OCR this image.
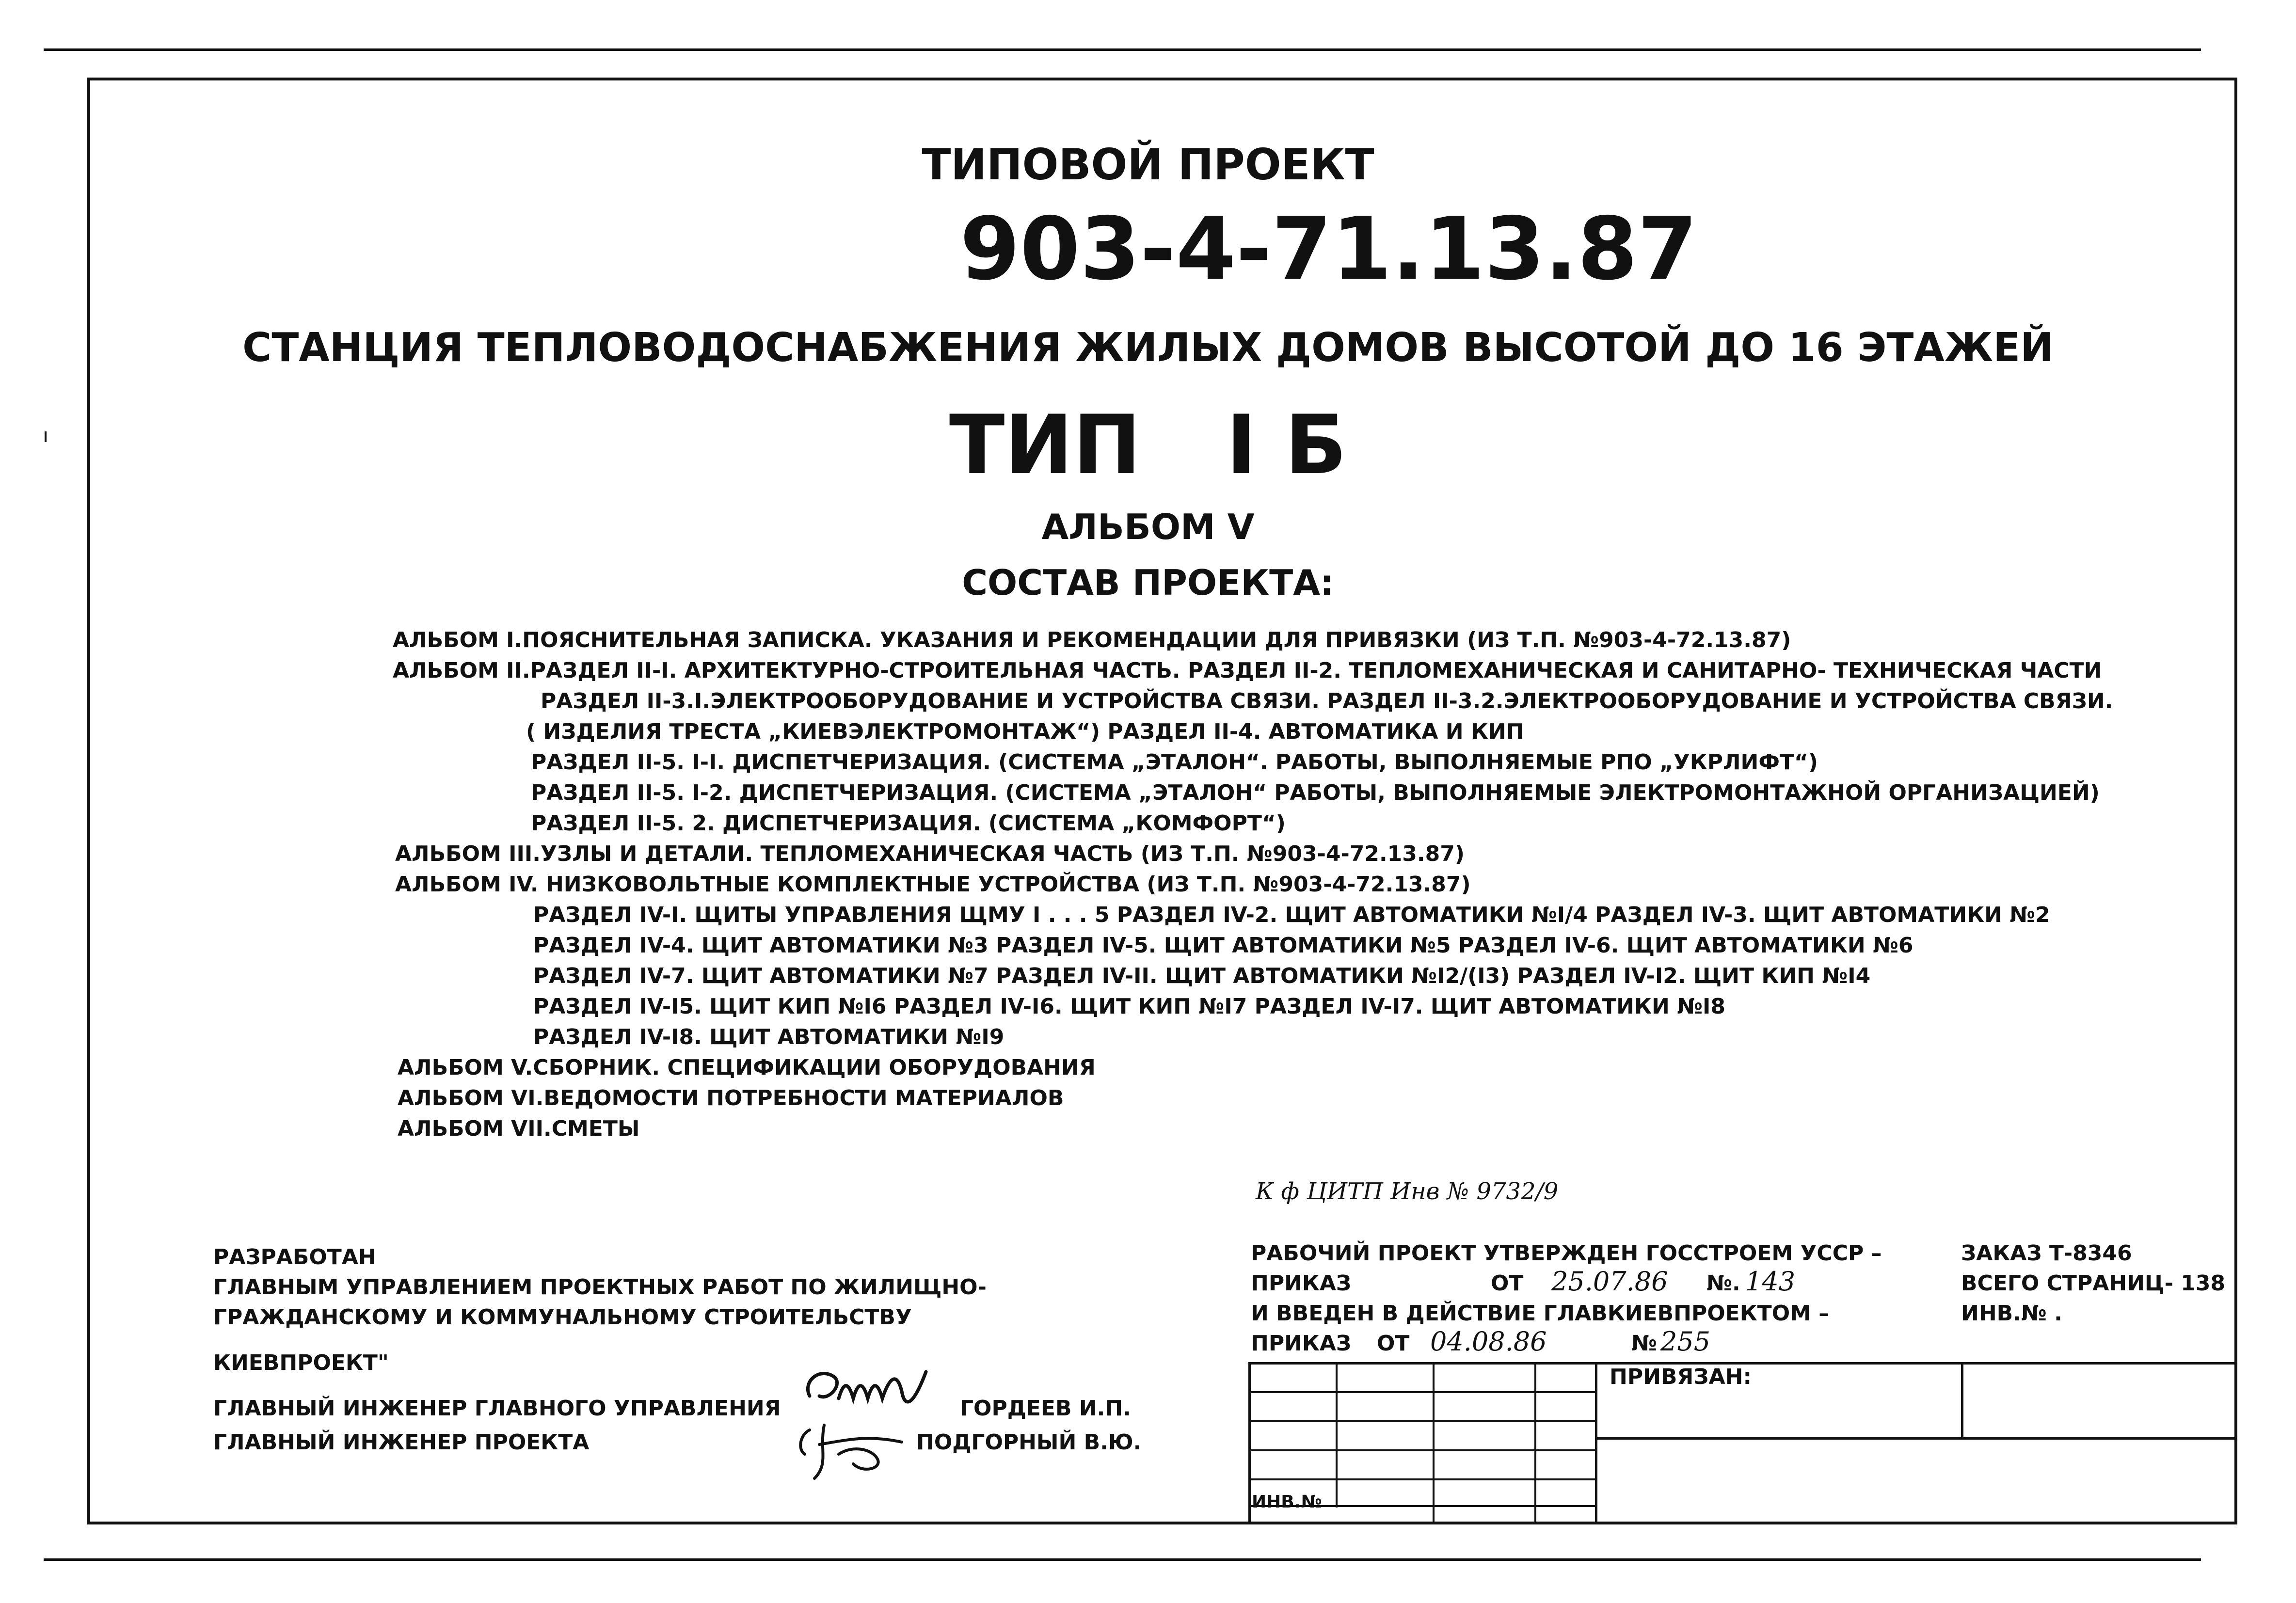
ТИПОВОЙ ПРОЕКТ
903-4-71.13.87
СТАНЦИЯ ТЕПЛОВОДОСНАБЖЕНИЯ ЖИЛЫХ ДОМОВ ВЫСОТОЙ ДО 16 ЭТАЖЕЙ
ТИП   I Б
АЛЬБОМ V
СОСТАВ ПРОЕКТА:
АЛЬБОМ I.ПОЯСНИТЕЛЬНАЯ ЗАПИСКА. УКАЗАНИЯ И РЕКОМЕНДАЦИИ ДЛЯ ПРИВЯЗКИ (ИЗ Т.П. №903-4-72.13.87)
АЛЬБОМ II.РАЗДЕЛ II-I. АРХИТЕКТУРНО-СТРОИТЕЛЬНАЯ ЧАСТЬ. РАЗДЕЛ II-2. ТЕПЛОМЕХАНИЧЕСКАЯ И САНИТАРНО- ТЕХНИЧЕСКАЯ ЧАСТИ
РАЗДЕЛ II-3.I.ЭЛЕКТРООБОРУДОВАНИЕ И УСТРОЙСТВА СВЯЗИ. РАЗДЕЛ II-3.2.ЭЛЕКТРООБОРУДОВАНИЕ И УСТРОЙСТВА СВЯЗИ.
( ИЗДЕЛИЯ ТРЕСТА „КИЕВЭЛЕКТРОМОНТАЖ“) РАЗДЕЛ II-4. АВТОМАТИКА И КИП
РАЗДЕЛ II-5. I-I. ДИСПЕТЧЕРИЗАЦИЯ. (СИСТЕМА „ЭТАЛОН“. РАБОТЫ, ВЫПОЛНЯЕМЫЕ РПО „УКРЛИФТ“)
РАЗДЕЛ II-5. I-2. ДИСПЕТЧЕРИЗАЦИЯ. (СИСТЕМА „ЭТАЛОН“ РАБОТЫ, ВЫПОЛНЯЕМЫЕ ЭЛЕКТРОМОНТАЖНОЙ ОРГАНИЗАЦИЕЙ)
РАЗДЕЛ II-5. 2. ДИСПЕТЧЕРИЗАЦИЯ. (СИСТЕМА „КОМФОРТ“)
АЛЬБОМ III.УЗЛЫ И ДЕТАЛИ. ТЕПЛОМЕХАНИЧЕСКАЯ ЧАСТЬ (ИЗ Т.П. №903-4-72.13.87)
АЛЬБОМ IV. НИЗКОВОЛЬТНЫЕ КОМПЛЕКТНЫЕ УСТРОЙСТВА (ИЗ Т.П. №903-4-72.13.87)
РАЗДЕЛ IV-I. ЩИТЫ УПРАВЛЕНИЯ ЩМУ I . . . 5 РАЗДЕЛ IV-2. ЩИТ АВТОМАТИКИ №I/4 РАЗДЕЛ IV-3. ЩИТ АВТОМАТИКИ №2
РАЗДЕЛ IV-4. ЩИТ АВТОМАТИКИ №3 РАЗДЕЛ IV-5. ЩИТ АВТОМАТИКИ №5 РАЗДЕЛ IV-6. ЩИТ АВТОМАТИКИ №6
РАЗДЕЛ IV-7. ЩИТ АВТОМАТИКИ №7 РАЗДЕЛ IV-II. ЩИТ АВТОМАТИКИ №I2/(I3) РАЗДЕЛ IV-I2. ЩИТ КИП №I4
РАЗДЕЛ IV-I5. ЩИТ КИП №I6 РАЗДЕЛ IV-I6. ЩИТ КИП №I7 РАЗДЕЛ IV-I7. ЩИТ АВТОМАТИКИ №I8
РАЗДЕЛ IV-I8. ЩИТ АВТОМАТИКИ №I9
АЛЬБОМ V.СБОРНИК. СПЕЦИФИКАЦИИ ОБОРУДОВАНИЯ
АЛЬБОМ VI.ВЕДОМОСТИ ПОТРЕБНОСТИ МАТЕРИАЛОВ
АЛЬБОМ VII.СМЕТЫ
К ф ЦИТП Инв № 9732/9
РАЗРАБОТАН
ГЛАВНЫМ УПРАВЛЕНИЕМ ПРОЕКТНЫХ РАБОТ ПО ЖИЛИЩНО-
ГРАЖДАНСКОМУ И КОММУНАЛЬНОМУ СТРОИТЕЛЬСТВУ
КИЕВПРОЕКТ"
ГЛАВНЫЙ ИНЖЕНЕР ГЛАВНОГО УПРАВЛЕНИЯ
ГЛАВНЫЙ ИНЖЕНЕР ПРОЕКТА
ГОРДЕЕВ И.П.
ПОДГОРНЫЙ В.Ю.
РАБОЧИЙ ПРОЕКТ УТВЕРЖДЕН ГОССТРОЕМ УССР –
ПРИКАЗ	ОТ 25.07.86 №. 143
И ВВЕДЕН В ДЕЙСТВИЕ ГЛАВКИЕВПРОЕКТОМ –
ПРИКАЗ ОТ 04.08.86	№ 255
ЗАКАЗ Т-8346
ВСЕГО СТРАНИЦ- 138
ИНВ.№ .
ПРИВЯЗАН:
ИНВ.№
